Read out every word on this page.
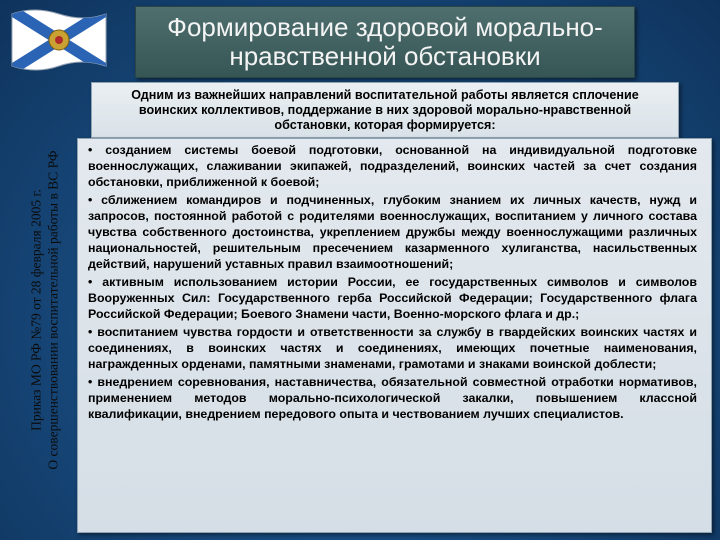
Формирование здоровой морально-нравственной обстановки
Приказ МО РФ №79 от 28 февраля 2005 г. О совершенствовании воспитательной работы в ВС РФ
Одним из важнейших направлений воспитательной работы является сплочение воинских коллективов, поддержание в них здоровой морально-нравственной обстановки, которая формируется:

• созданием системы боевой подготовки, основанной на индивидуальной подготовке военнослужащих, слаживании экипажей, подразделений, воинских частей за счет создания обстановки, приближенной к боевой;

• сближением командиров и подчиненных, глубоким знанием их личных качеств, нужд и запросов, постоянной работой с родителями военнослужащих, воспитанием у личного состава чувства собственного достоинства, укреплением дружбы между военнослужащими различных национальностей, решительным пресечением казарменного хулиганства, насильственных действий, нарушений уставных правил взаимоотношений;

• активным использованием истории России, ее государственных символов и символов Вооруженных Сил: Государственного герба Российской Федерации; Государственного флага Российской Федерации; Боевого Знамени части, Военно-морского флага и др.;

• воспитанием чувства гордости и ответственности за службу в гвардейских воинских частях и соединениях, в воинских частях и соединениях, имеющих почетные наименования, награжденных орденами, памятными знаменами, грамотами и знаками воинской доблести;

• внедрением соревнования, наставничества, обязательной совместной отработки нормативов, применением методов морально-психологической закалки, повышением классной квалификации, внедрением передового опыта и чествованием лучших специалистов.
